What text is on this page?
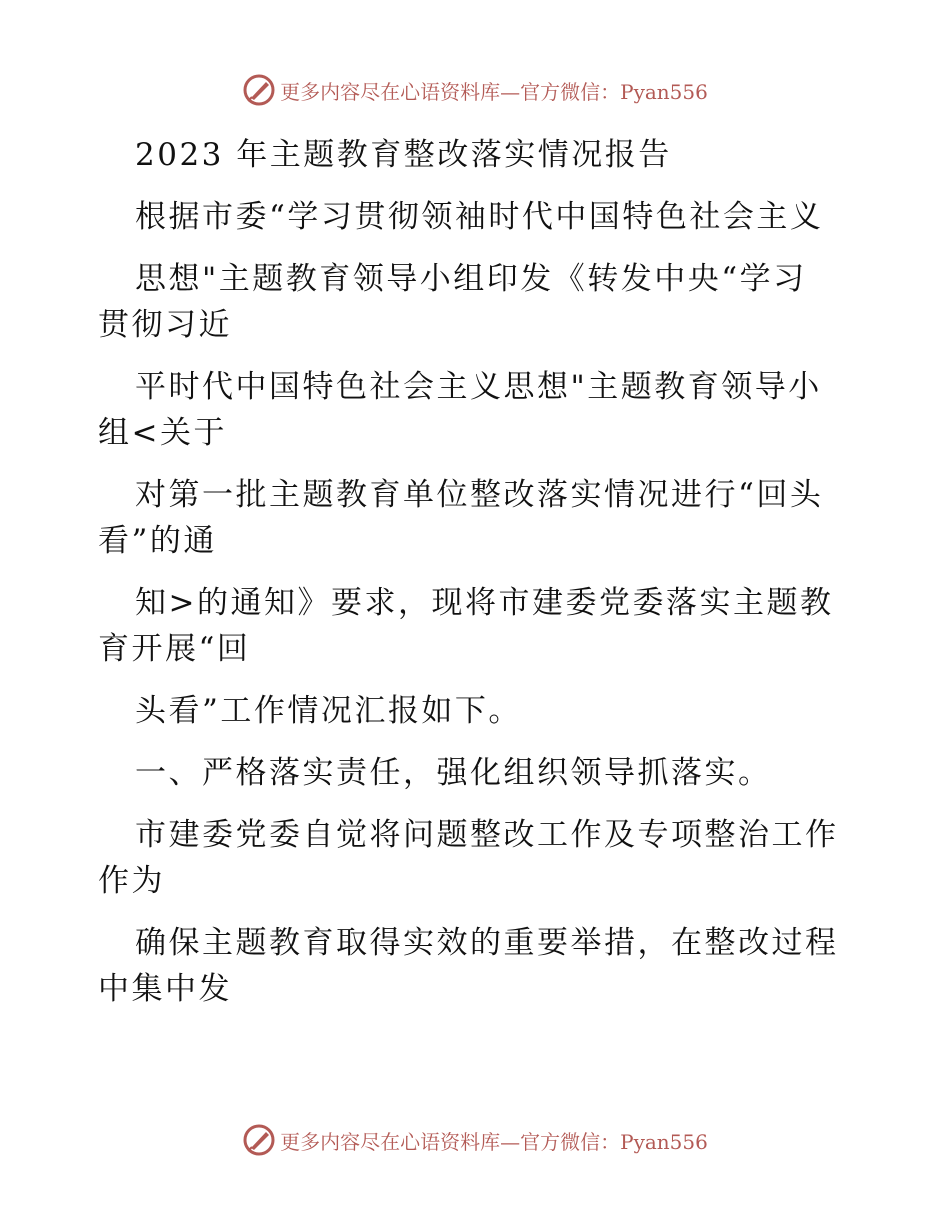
更多内容尽在心语资料库—官方微信：Pyan556
2023 年主题教育整改落实情况报告
根据市委“学习贯彻领袖时代中国特色社会主义
思想"主题教育领导小组印发《转发中央“学习
贯彻习近
平时代中国特色社会主义思想"主题教育领导小
组<关于
对第一批主题教育单位整改落实情况进行“回头
看”的通
知>的通知》要求，现将市建委党委落实主题教
育开展“回
头看”工作情况汇报如下。
一、严格落实责任，强化组织领导抓落实。
市建委党委自觉将问题整改工作及专项整治工作
作为
确保主题教育取得实效的重要举措，在整改过程
中集中发
更多内容尽在心语资料库—官方微信：Pyan556
